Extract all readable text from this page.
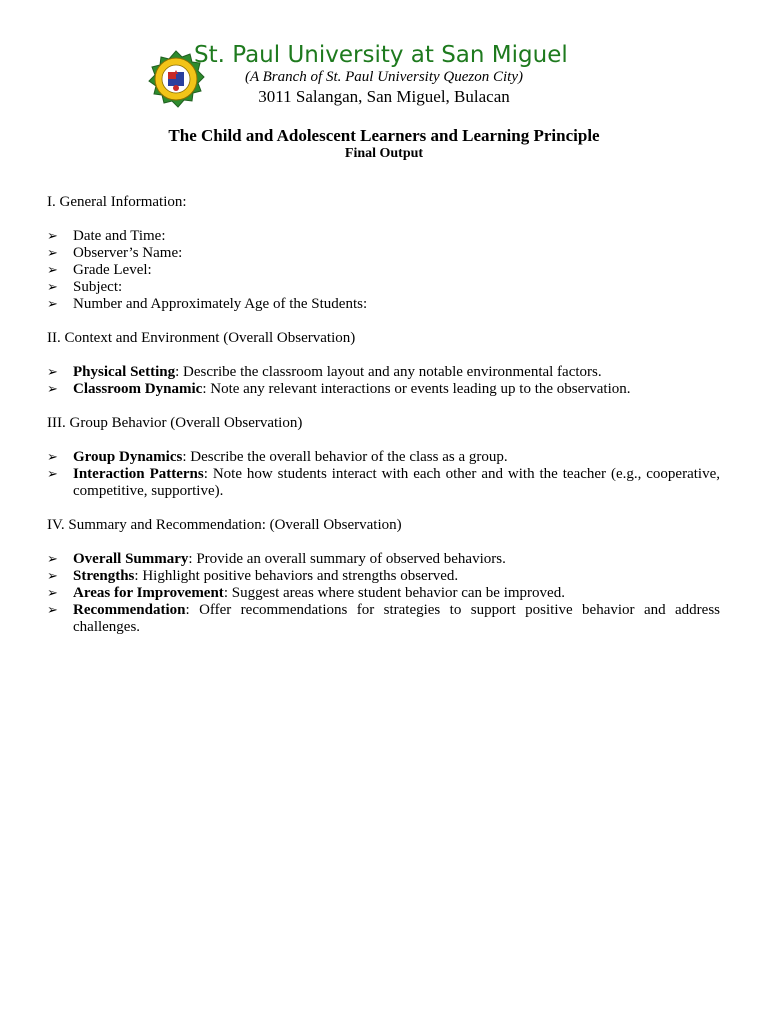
St. Paul University at San Miguel
(A Branch of St. Paul University Quezon City)
3011 Salangan, San Miguel, Bulacan
The Child and Adolescent Learners and Learning Principle
Final Output

I. General Information:

➢ Date and Time:
➢ Observer’s Name:
➢ Grade Level:
➢ Subject:
➢ Number and Approximately Age of the Students:

II. Context and Environment (Overall Observation)

➢ Physical Setting: Describe the classroom layout and any notable environmental factors.
➢ Classroom Dynamic: Note any relevant interactions or events leading up to the observation.

III. Group Behavior (Overall Observation)

➢ Group Dynamics: Describe the overall behavior of the class as a group.
➢ Interaction Patterns: Note how students interact with each other and with the teacher (e.g., cooperative, competitive, supportive).

IV. Summary and Recommendation: (Overall Observation)

➢ Overall Summary: Provide an overall summary of observed behaviors.
➢ Strengths: Highlight positive behaviors and strengths observed.
➢ Areas for Improvement: Suggest areas where student behavior can be improved.
➢ Recommendation: Offer recommendations for strategies to support positive behavior and address challenges.
